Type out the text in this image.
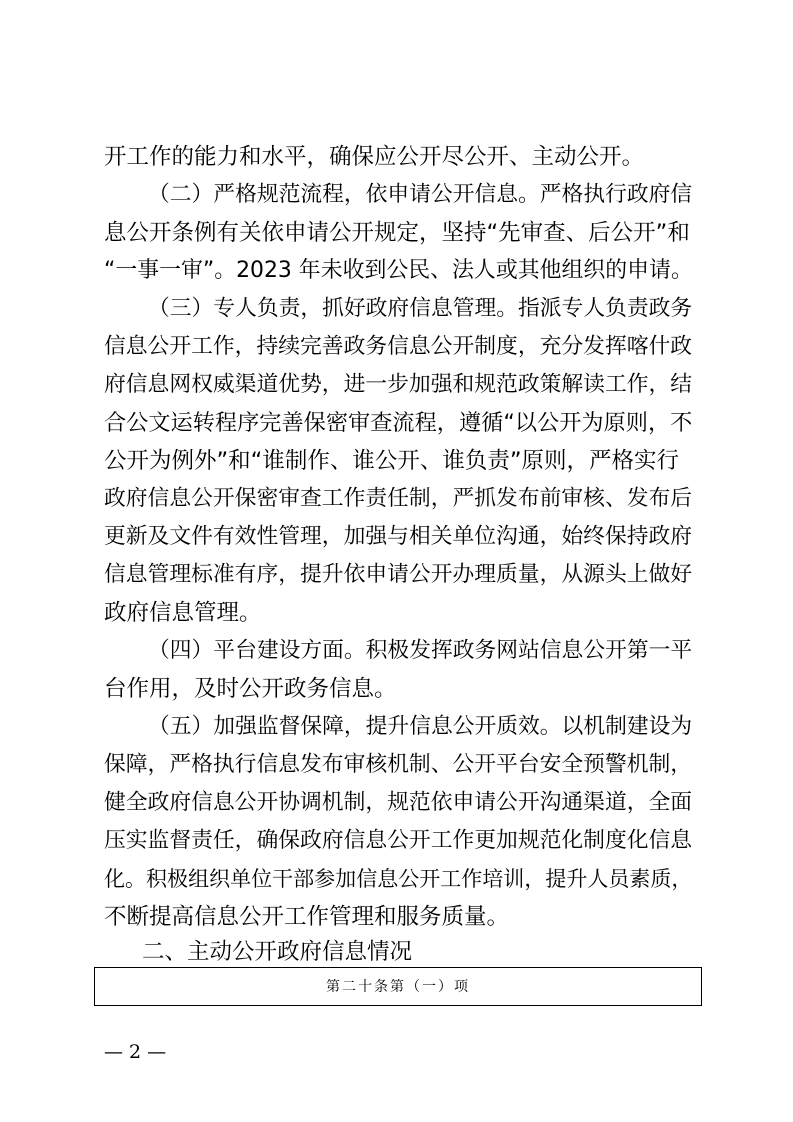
开工作的能力和水平，确保应公开尽公开、主动公开。
（二）严格规范流程，依申请公开信息。严格执行政府信
息公开条例有关依申请公开规定，坚持“先审查、后公开”和
“一事一审”。2023 年未收到公民、法人或其他组织的申请。
（三）专人负责，抓好政府信息管理。指派专人负责政务
信息公开工作，持续完善政务信息公开制度，充分发挥喀什政
府信息网权威渠道优势，进一步加强和规范政策解读工作，结
合公文运转程序完善保密审查流程，遵循“以公开为原则，不
公开为例外”和“谁制作、谁公开、谁负责”原则，严格实行
政府信息公开保密审查工作责任制，严抓发布前审核、发布后
更新及文件有效性管理，加强与相关单位沟通，始终保持政府
信息管理标准有序，提升依申请公开办理质量，从源头上做好
政府信息管理。
（四）平台建设方面。积极发挥政务网站信息公开第一平
台作用，及时公开政务信息。
（五）加强监督保障，提升信息公开质效。以机制建设为
保障，严格执行信息发布审核机制、公开平台安全预警机制，
健全政府信息公开协调机制，规范依申请公开沟通渠道，全面
压实监督责任，确保政府信息公开工作更加规范化制度化信息
化。积极组织单位干部参加信息公开工作培训，提升人员素质，
不断提高信息公开工作管理和服务质量。
二、主动公开政府信息情况
第二十条第（一）项
— 2 —
